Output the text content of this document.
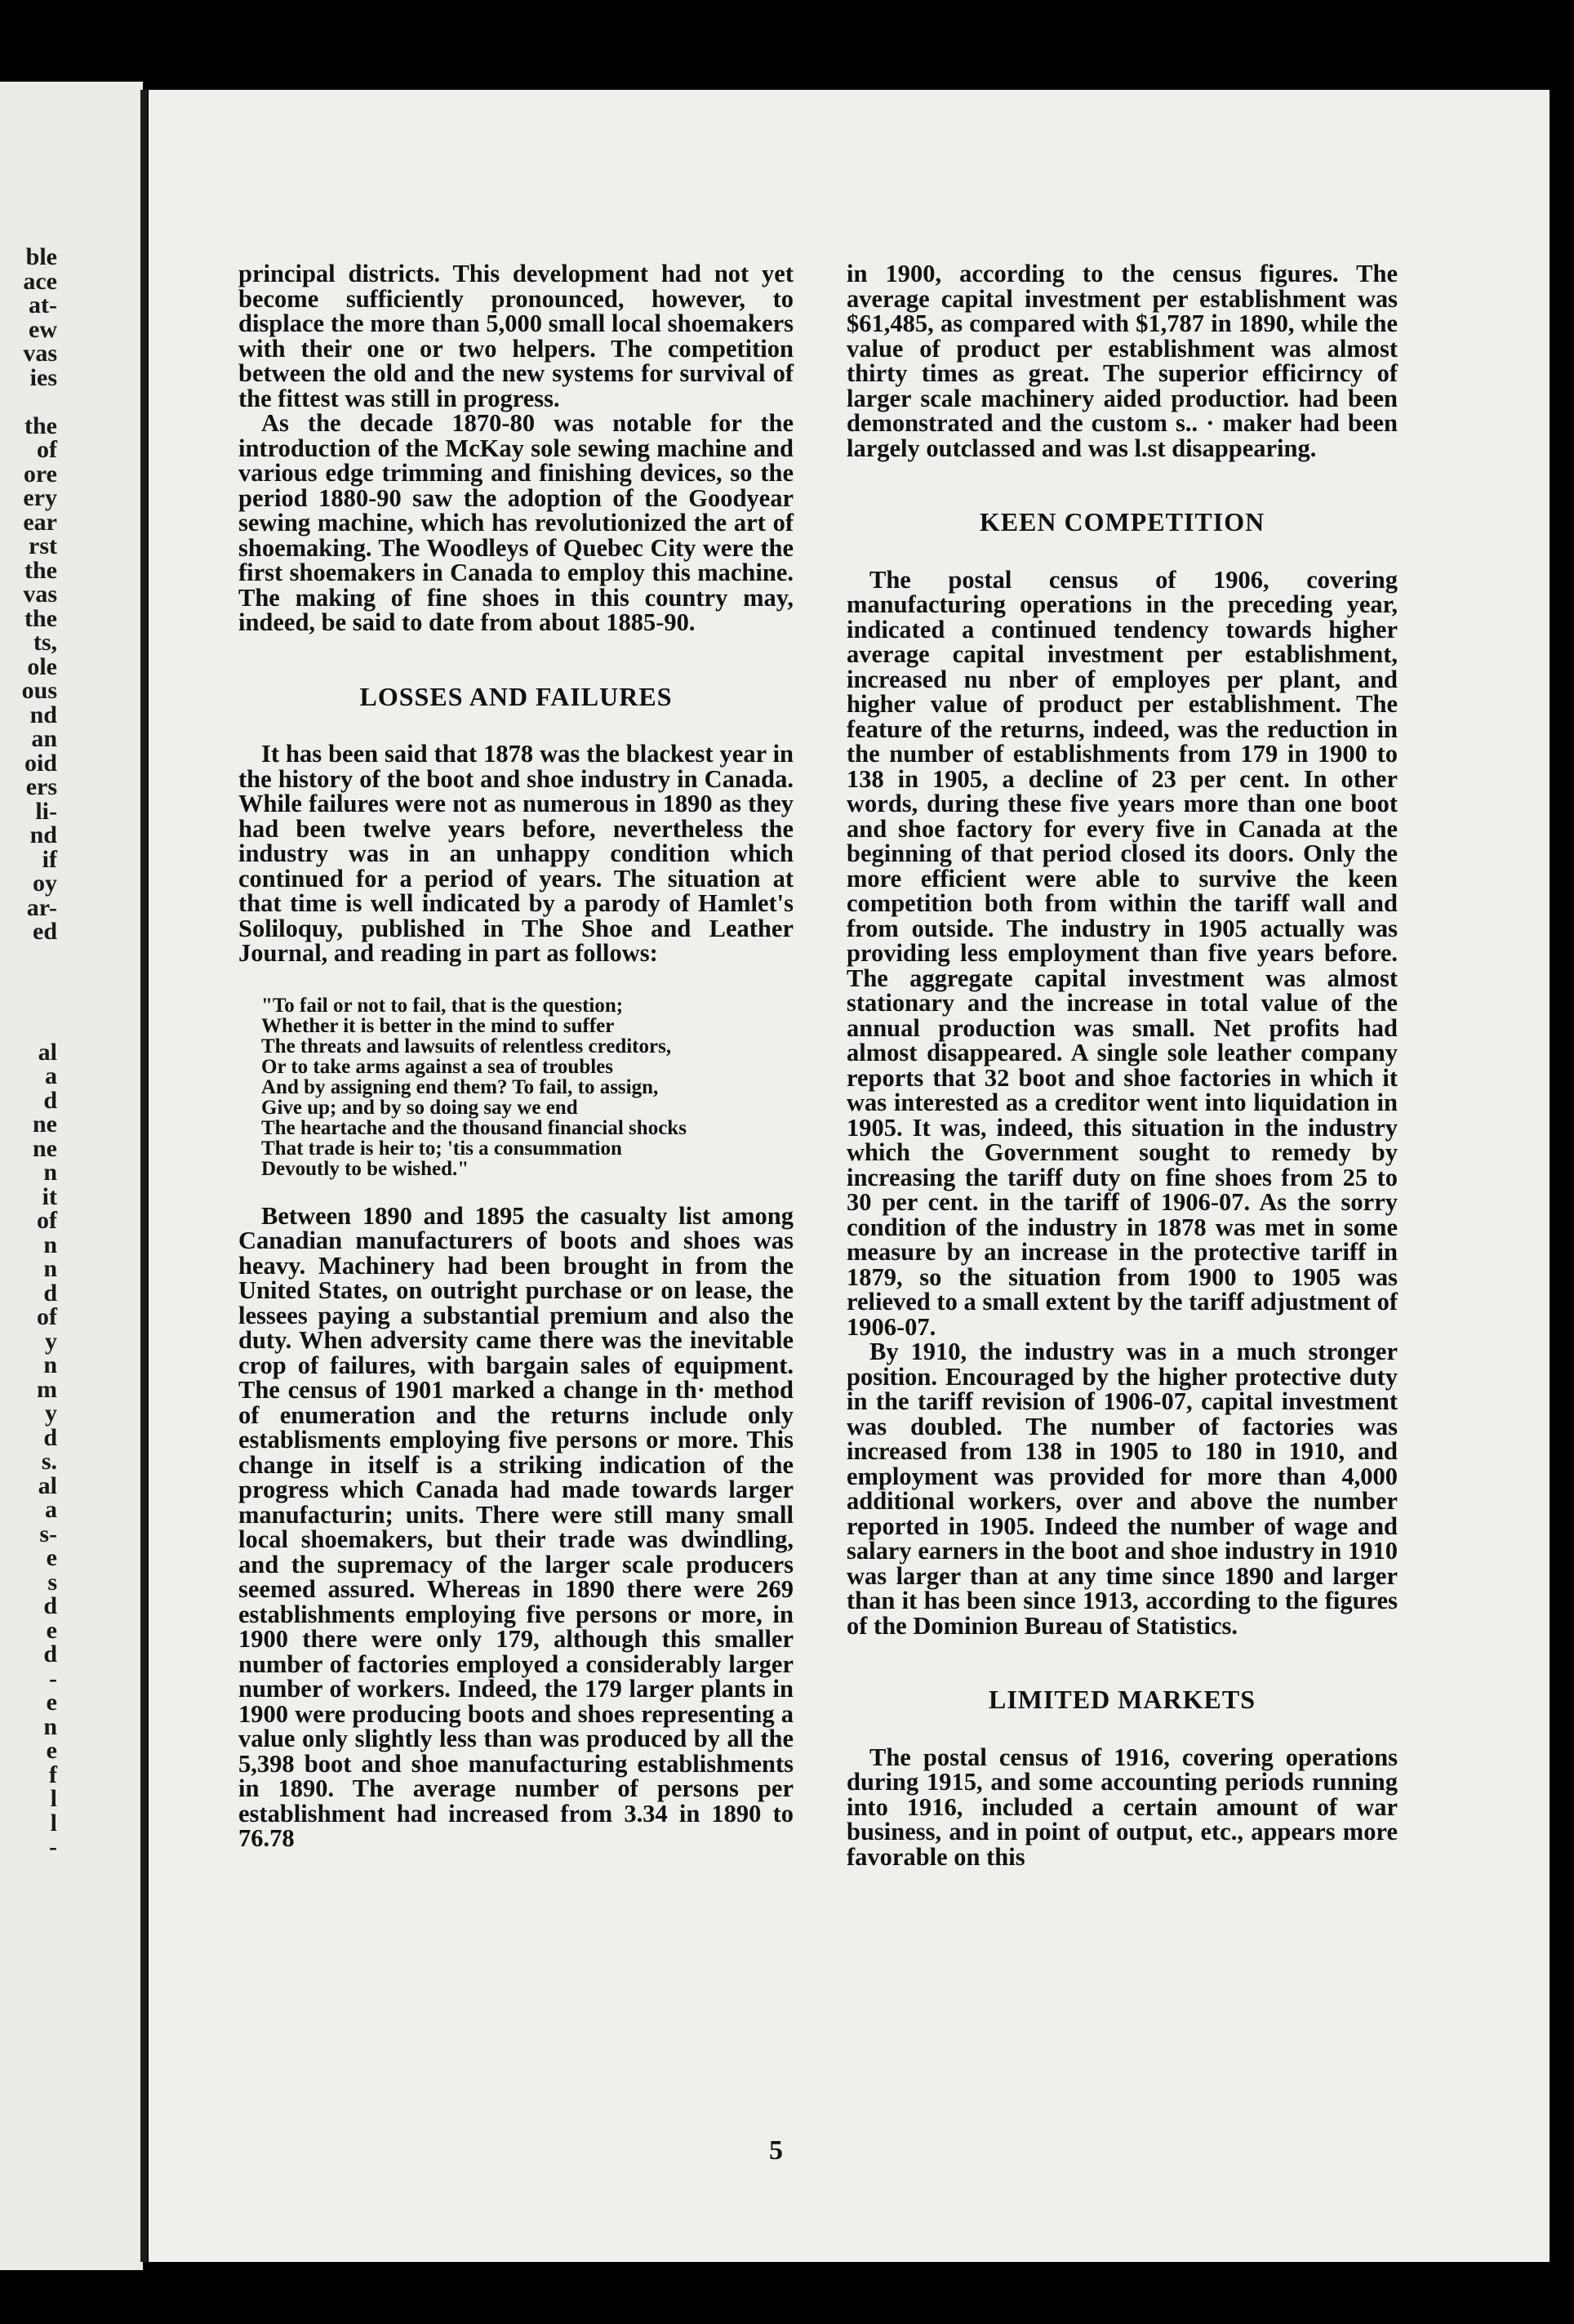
ble
ace
at-
ew
vas
ies
the
of
ore
ery
ear
rst
the
vas
the
ts,
ole
ous
nd
an
oid
ers
li-
nd
if
oy
ar-
ed
al
a
d
ne
ne
n
it
of
n
n
d
of
y
n
m
y
d
s.
al
a
s-
e
s
d
e
d
-
e
n
e
f
l
l
-

principal districts. This development had not yet become sufficiently pronounced, however, to displace the more than 5,000 small local shoemakers with their one or two helpers. The competition between the old and the new systems for survival of the fittest was still in progress.

As the decade 1870-80 was notable for the introduction of the McKay sole sewing machine and various edge trimming and finishing devices, so the period 1880-90 saw the adoption of the Goodyear sewing machine, which has revolutionized the art of shoemaking. The Woodleys of Quebec City were the first shoemakers in Canada to employ this machine. The making of fine shoes in this country may, indeed, be said to date from about 1885-90.

LOSSES AND FAILURES

It has been said that 1878 was the blackest year in the history of the boot and shoe industry in Canada. While failures were not as numerous in 1890 as they had been twelve years before, nevertheless the industry was in an unhappy condition which continued for a period of years. The situation at that time is well indicated by a parody of Hamlet's Soliloquy, published in The Shoe and Leather Journal, and reading in part as follows:

"To fail or not to fail, that is the question;
Whether it is better in the mind to suffer
The threats and lawsuits of relentless creditors,
Or to take arms against a sea of troubles
And by assigning end them? To fail, to assign,
Give up; and by so doing say we end
The heartache and the thousand financial shocks
That trade is heir to; 'tis a consummation
Devoutly to be wished."

Between 1890 and 1895 the casualty list among Canadian manufacturers of boots and shoes was heavy. Machinery had been brought in from the United States, on outright purchase or on lease, the lessees paying a substantial premium and also the duty. When adversity came there was the inevitable crop of failures, with bargain sales of equipment. The census of 1901 marked a change in th· method of enumeration and the returns include only establisments employing five persons or more. This change in itself is a striking indication of the progress which Canada had made towards larger manufacturin; units. There were still many small local shoemakers, but their trade was dwindling, and the supremacy of the larger scale producers seemed assured. Whereas in 1890 there were 269 establishments employing five persons or more, in 1900 there were only 179, although this smaller number of factories employed a considerably larger number of workers. Indeed, the 179 larger plants in 1900 were producing boots and shoes representing a value only slightly less than was produced by all the 5,398 boot and shoe manufacturing establishments in 1890. The average number of persons per establishment had increased from 3.34 in 1890 to 76.78

in 1900, according to the census figures. The average capital investment per establishment was $61,485, as compared with $1,787 in 1890, while the value of product per establishment was almost thirty times as great. The superior efficirncy of larger scale machinery aided productior. had been demonstrated and the custom s.. · maker had been largely outclassed and was l.st disappearing.

KEEN COMPETITION

The postal census of 1906, covering manufacturing operations in the preceding year, indicated a continued tendency towards higher average capital investment per establishment, increased nu nber of employes per plant, and higher value of product per establishment. The feature of the returns, indeed, was the reduction in the number of establishments from 179 in 1900 to 138 in 1905, a decline of 23 per cent. In other words, during these five years more than one boot and shoe factory for every five in Canada at the beginning of that period closed its doors. Only the more efficient were able to survive the keen competition both from within the tariff wall and from outside. The industry in 1905 actually was providing less employment than five years before. The aggregate capital investment was almost stationary and the increase in total value of the annual production was small. Net profits had almost disappeared. A single sole leather company reports that 32 boot and shoe factories in which it was interested as a creditor went into liquidation in 1905. It was, indeed, this situation in the industry which the Government sought to remedy by increasing the tariff duty on fine shoes from 25 to 30 per cent. in the tariff of 1906-07. As the sorry condition of the industry in 1878 was met in some measure by an increase in the protective tariff in 1879, so the situation from 1900 to 1905 was relieved to a small extent by the tariff adjustment of 1906-07.

By 1910, the industry was in a much stronger position. Encouraged by the higher protective duty in the tariff revision of 1906-07, capital investment was doubled. The number of factories was increased from 138 in 1905 to 180 in 1910, and employment was provided for more than 4,000 additional workers, over and above the number reported in 1905. Indeed the number of wage and salary earners in the boot and shoe industry in 1910 was larger than at any time since 1890 and larger than it has been since 1913, according to the figures of the Dominion Bureau of Statistics.

LIMITED MARKETS

The postal census of 1916, covering operations during 1915, and some accounting periods running into 1916, included a certain amount of war business, and in point of output, etc., appears more favorable on this

5
